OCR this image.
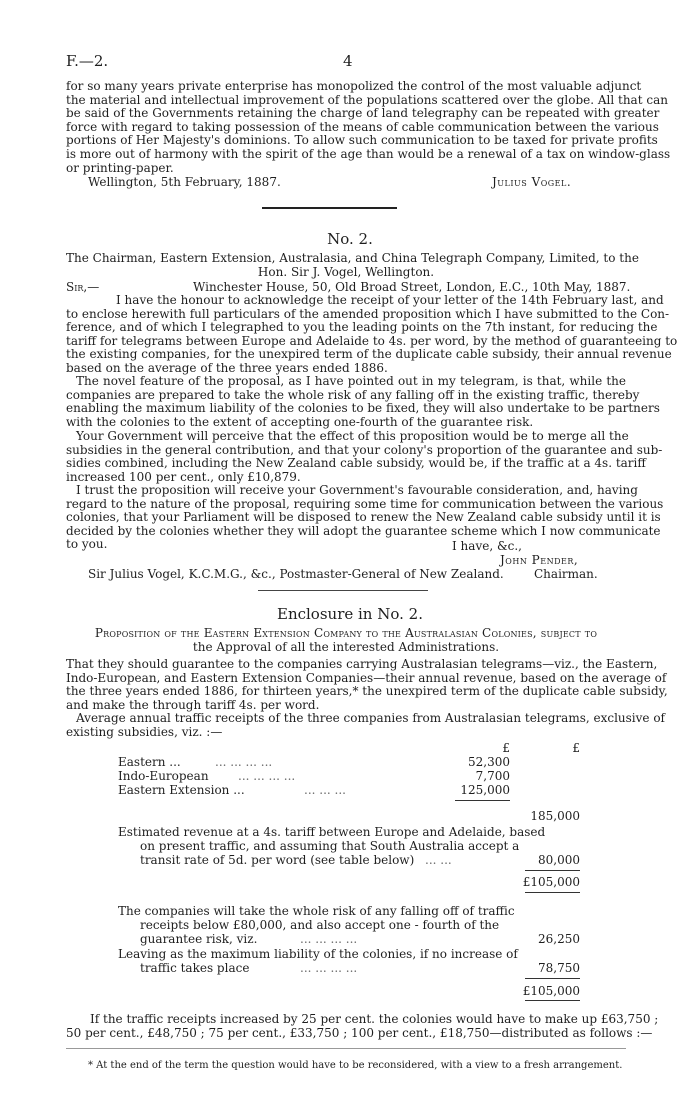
F.—2.	4
for so many years private enterprise has monopolized the control of the most valuable adjunct
the material and intellectual improvement of the populations scattered over the globe. All that can
be said of the Governments retaining the charge of land telegraphy can be repeated with greater
force with regard to taking possession of the means of cable communication between the various
portions of Her Majesty's dominions. To allow such communication to be taxed for private profits
is more out of harmony with the spirit of the age than would be a renewal of a tax on window-glass
or printing-paper.
Wellington, 5th February, 1887.	Julius Vogel.
No. 2.
The Chairman, Eastern Extension, Australasia, and China Telegraph Company, Limited, to the
Hon. Sir J. Vogel, Wellington.
Sir,—	Winchester House, 50, Old Broad Street, London, E.C., 10th May, 1887.
I have the honour to acknowledge the receipt of your letter of the 14th February last, and
to enclose herewith full particulars of the amended proposition which I have submitted to the Con-
ference, and of which I telegraphed to you the leading points on the 7th instant, for reducing the
tariff for telegrams between Europe and Adelaide to 4s. per word, by the method of guaranteeing to
the existing companies, for the unexpired term of the duplicate cable subsidy, their annual revenue
based on the average of the three years ended 1886.
The novel feature of the proposal, as I have pointed out in my telegram, is that, while the
companies are prepared to take the whole risk of any falling off in the existing traffic, thereby
enabling the maximum liability of the colonies to be fixed, they will also undertake to be partners
with the colonies to the extent of accepting one-fourth of the guarantee risk.
Your Government will perceive that the effect of this proposition would be to merge all the
subsidies in the general contribution, and that your colony's proportion of the guarantee and sub-
sidies combined, including the New Zealand cable subsidy, would be, if the traffic at a 4s. tariff
increased 100 per cent., only £10,879.
I trust the proposition will receive your Government's favourable consideration, and, having
regard to the nature of the proposal, requiring some time for communication between the various
colonies, that your Parliament will be disposed to renew the New Zealand cable subsidy until it is
decided by the colonies whether they will adopt the guarantee scheme which I now communicate
to you.	I have, &c.,
John Pender,
Sir Julius Vogel, K.C.M.G., &c., Postmaster-General of New Zealand.	Chairman.
Enclosure in No. 2.
Proposition of the Eastern Extension Company to the Australasian Colonies, subject to
the Approval of all the interested Administrations.
That they should guarantee to the companies carrying Australasian telegrams—viz., the Eastern,
Indo-European, and Eastern Extension Companies—their annual revenue, based on the average of
the three years ended 1886, for thirteen years,* the unexpired term of the duplicate cable subsidy,
and make the through tariff 4s. per word.
Average annual traffic receipts of the three companies from Australasian telegrams, exclusive of
existing subsidies, viz. :—
£	£
Eastern ...	... ... ... ...	52,300
Indo-European ... ... ... ...	7,700
Eastern Extension ...	... ... ...	125,000
185,000
Estimated revenue at a 4s. tariff between Europe and Adelaide, based
on present traffic, and assuming that South Australia accept a
transit rate of 5d. per word (see table below) ... ...	80,000
£105,000
The companies will take the whole risk of any falling off of traffic
receipts below £80,000, and also accept one - fourth of the
guarantee risk, viz.	... ... ... ...	26,250
Leaving as the maximum liability of the colonies, if no increase of
traffic takes place	... ... ... ...	78,750
£105,000
If the traffic receipts increased by 25 per cent. the colonies would have to make up £63,750 ;
50 per cent., £48,750 ; 75 per cent., £33,750 ; 100 per cent., £18,750—distributed as follows :—
* At the end of the term the question would have to be reconsidered, with a view to a fresh arrangement.
